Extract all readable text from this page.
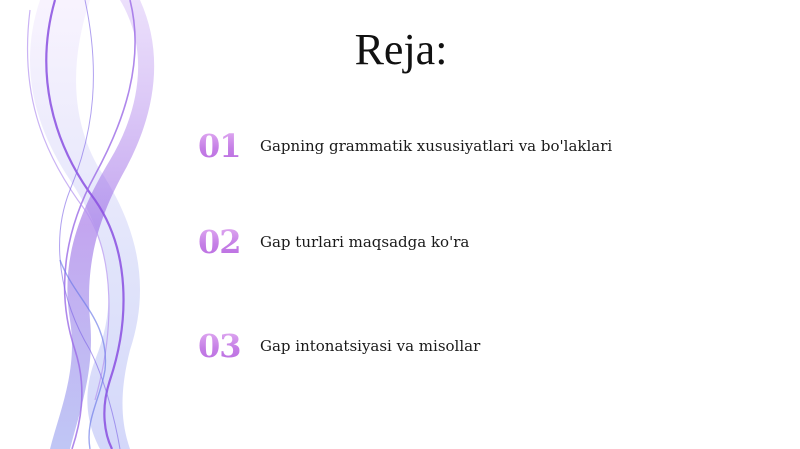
Reja:
01	Gapning grammatik xususiyatlari va bo'laklari
02	Gap turlari maqsadga ko'ra
03	Gap intonatsiyasi va misollar
